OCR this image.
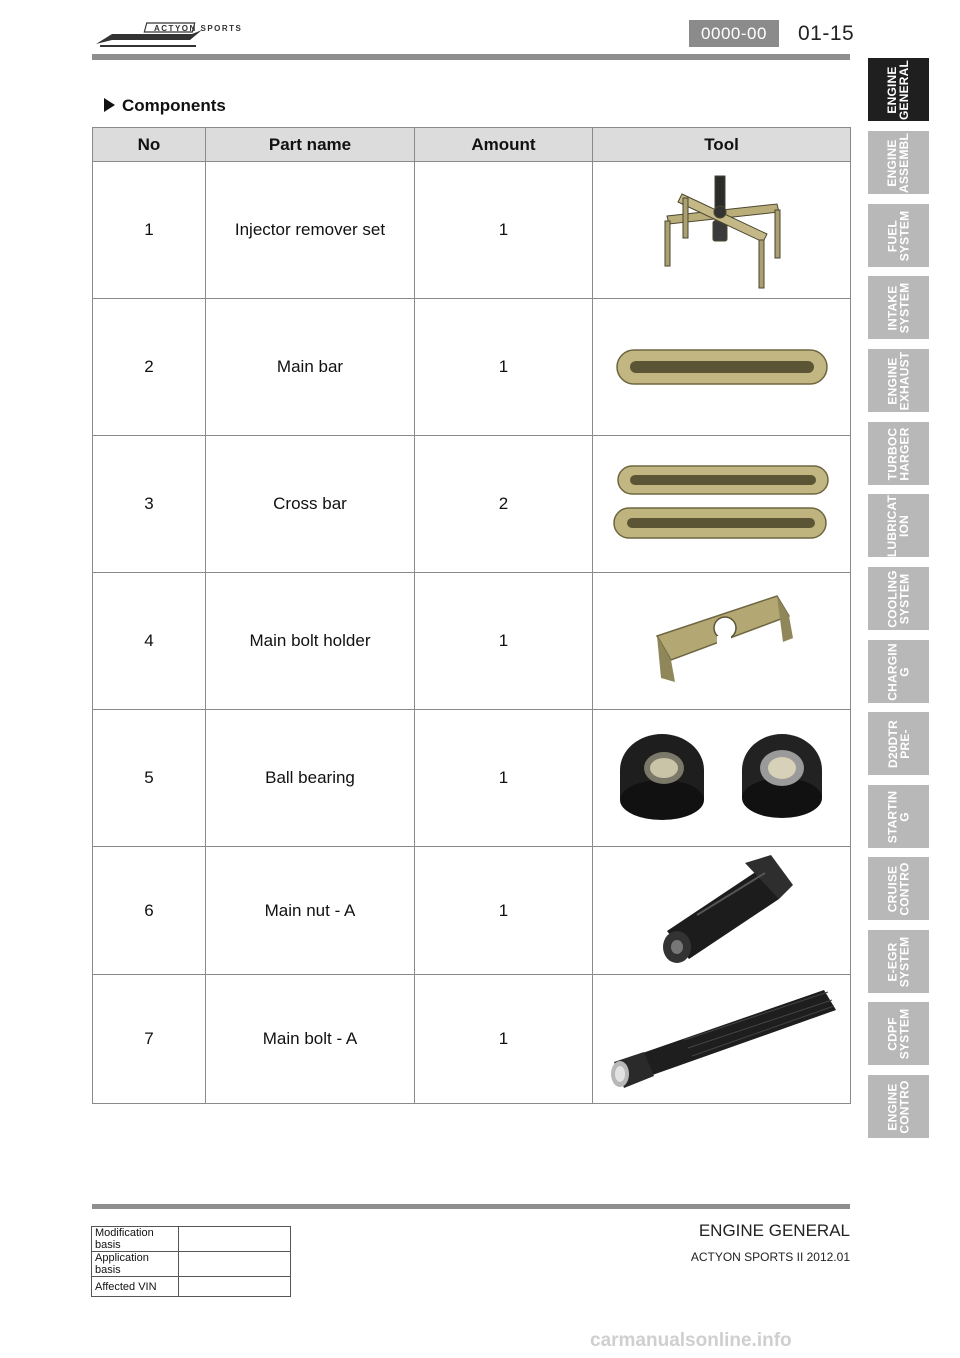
ACTYON SPORTS	0000-00	01-15
Components
No	Part name	Amount	Tool
1	Injector remover set	1	

2	Main bar	1	

3	Cross bar	2	

4	Main bolt holder	1	

5	Ball bearing	1	

6	Main nut - A	1	

7	Main bolt - A	1	
ENGINE
GENERAL
ENGINE
ASSEMBL
FUEL
SYSTEM
INTAKE
SYSTEM
ENGINE
EXHAUST
TURBOC
HARGER
LUBRICAT
ION
COOLING
SYSTEM
CHARGIN
G
D20DTR
PRE-
STARTIN
G
CRUISE
CONTRO
E-EGR
SYSTEM
CDPF
SYSTEM
ENGINE
CONTRO
Modification basis	
Application basis	
Affected VIN	
ENGINE GENERAL
ACTYON SPORTS II 2012.01
carmanualsonline.info
